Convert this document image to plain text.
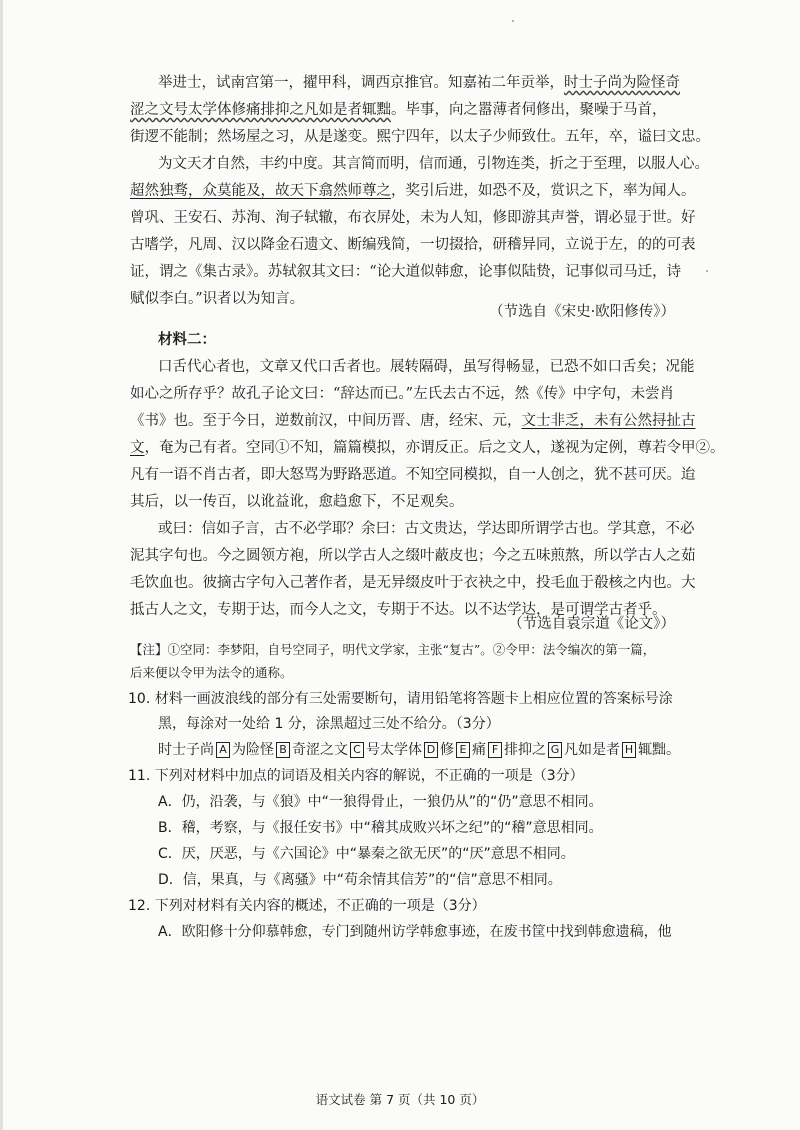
举进士，试南宫第一，擢甲科，调西京推官。知嘉祐二年贡举，时士子尚为险怪奇
涩之文号太学体修痛排抑之凡如是者辄黜。毕事，向之嚣薄者伺修出，聚噪于马首，
街逻不能制；然场屋之习，从是遂变。熙宁四年，以太子少师致仕。五年，卒，谥曰文忠。
为文天才自然，丰约中度。其言简而明，信而通，引物连类，折之于至理，以服人心。
超然独骛，众莫能及，故天下翕然师尊之，奖引后进，如恐不及，赏识之下，率为闻人。
曾巩、王安石、苏洵、洵子轼辙，布衣屏处，未为人知，修即游其声誉，谓必显于世。好
古嗜学，凡周、汉以降金石遗文、断编残简，一切掇拾，研稽异同，立说于左，的的可表
证，谓之《集古录》。苏轼叙其文曰：“论大道似韩愈，论事似陆贽，记事似司马迁，诗
赋似李白。”识者以为知言。
（节选自《宋史·欧阳修传》）
材料二：
口舌代心者也，文章又代口舌者也。展转隔碍，虽写得畅显，已恐不如口舌矣；况能
如心之所存乎？故孔子论文曰：“辞达而已。”左氏去古不远，然《传》中字句，未尝肖
《书》也。至于今日，逆数前汉，中间历晋、唐，经宋、元，文士非乏，未有公然挦扯古
文，奄为己有者。空同①不知，篇篇模拟，亦谓反正。后之文人，遂视为定例，尊若令甲②。
凡有一语不肖古者，即大怒骂为野路恶道。不知空同模拟，自一人创之，犹不甚可厌。迨
其后，以一传百，以讹益讹，愈趋愈下，不足观矣。
或曰：信如子言，古不必学耶？余曰：古文贵达，学达即所谓学古也。学其意，不必
泥其字句也。今之圆领方袍，所以学古人之缀叶蔽皮也；今之五味煎熬，所以学古人之茹
毛饮血也。彼摘古字句入己著作者，是无异缀皮叶于衣袂之中，投毛血于殽核之内也。大
抵古人之文，专期于达，而今人之文，专期于不达。以不达学达，是可谓学古者乎。
（节选自袁宗道《论文》）
【注】①空同：李梦阳，自号空同子，明代文学家，主张“复古”。②令甲：法令编次的第一篇，
后来便以令甲为法令的通称。
10. 材料一画波浪线的部分有三处需要断句，请用铅笔将答题卡上相应位置的答案标号涂
黑，每涂对一处给 1 分，涂黑超过三处不给分。（3分）
时士子尚 A 为险怪 B 奇涩之文 C 号太学体 D 修 E 痛 F 排抑之 G 凡如是者 H 辄黜。
11. 下列对材料中加点的词语及相关内容的解说，不正确的一项是（3分）
A．仍，沿袭，与《狼》中“一狼得骨止，一狼仍从”的“仍”意思不相同。
B．稽，考察，与《报任安书》中“稽其成败兴坏之纪”的“稽”意思相同。
C．厌，厌恶，与《六国论》中“暴秦之欲无厌”的“厌”意思不相同。
D．信，果真，与《离骚》中“苟余情其信芳”的“信”意思不相同。
12. 下列对材料有关内容的概述，不正确的一项是（3分）
A．欧阳修十分仰慕韩愈，专门到随州访学韩愈事迹，在废书筐中找到韩愈遗稿，他
语文试卷 第 7 页（共 10 页）
